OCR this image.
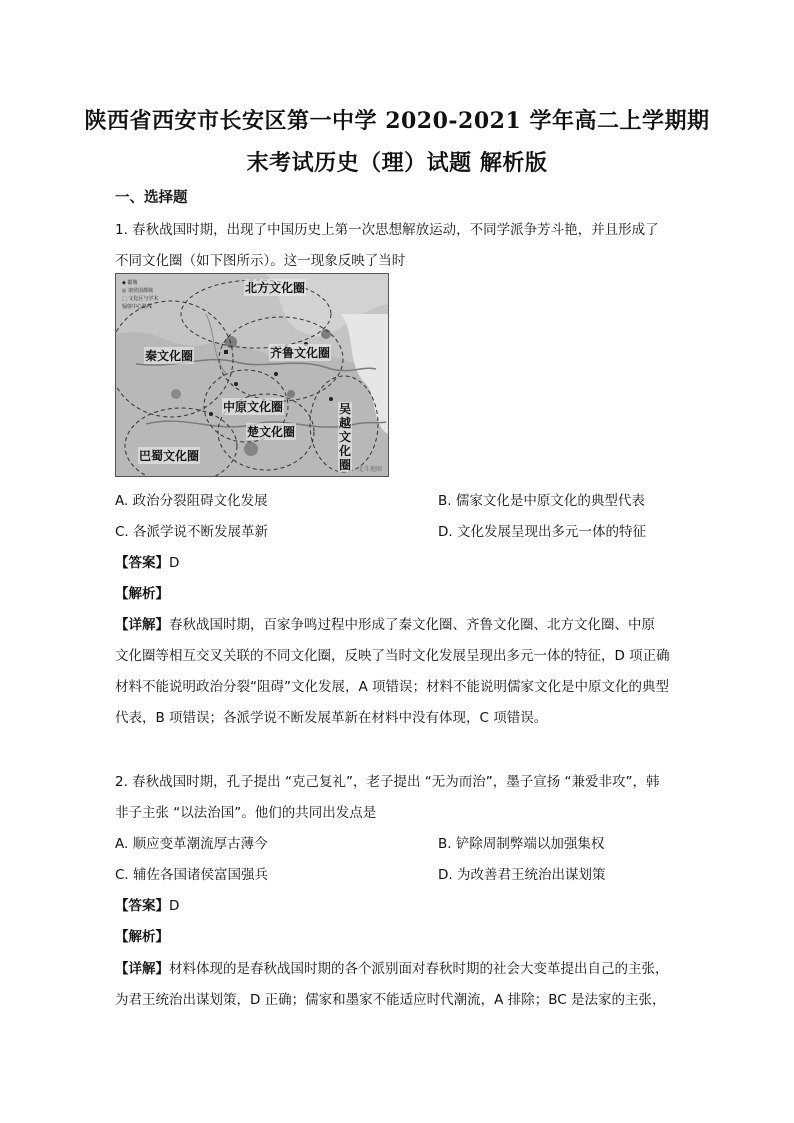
陕西省西安市长安区第一中学 2020-2021 学年高二上学期期
末考试历史（理）试题 解析版
一、选择题
1. 春秋战国时期，出现了中国历史上第一次思想解放运动，不同学派争芳斗艳，并且形成了
不同文化圈（如下图所示）。这一现象反映了当时
◆ 都城
◎ 诸侯国都城
⬚ 文化区与学术
辐射中心路线
北方文化圈
秦文化圈	齐鲁文化圈
中原文化圈
楚文化圈
巴蜀文化圈
吴越文化圈 北斗地图
A. 政治分裂阻碍文化发展	B. 儒家文化是中原文化的典型代表
C. 各派学说不断发展革新	D. 文化发展呈现出多元一体的特征
【答案】D
【解析】
【详解】春秋战国时期，百家争鸣过程中形成了秦文化圈、齐鲁文化圈、北方文化圈、中原
文化圈等相互交叉关联的不同文化圈，反映了当时文化发展呈现出多元一体的特征，D 项正确
材料不能说明政治分裂“阻碍”文化发展，A 项错误；材料不能说明儒家文化是中原文化的典型
代表，B 项错误；各派学说不断发展革新在材料中没有体现，C 项错误。
2. 春秋战国时期，孔子提出 “克己复礼”，老子提出 “无为而治”，墨子宣扬 “兼爱非攻”，韩
非子主张 “以法治国”。他们的共同出发点是
A. 顺应变革潮流厚古薄今	B. 铲除周制弊端以加强集权
C. 辅佐各国诸侯富国强兵	D. 为改善君王统治出谋划策
【答案】D
【解析】
【详解】材料体现的是春秋战国时期的各个派别面对春秋时期的社会大变革提出自己的主张，
为君王统治出谋划策，D 正确；儒家和墨家不能适应时代潮流，A 排除；BC 是法家的主张，
